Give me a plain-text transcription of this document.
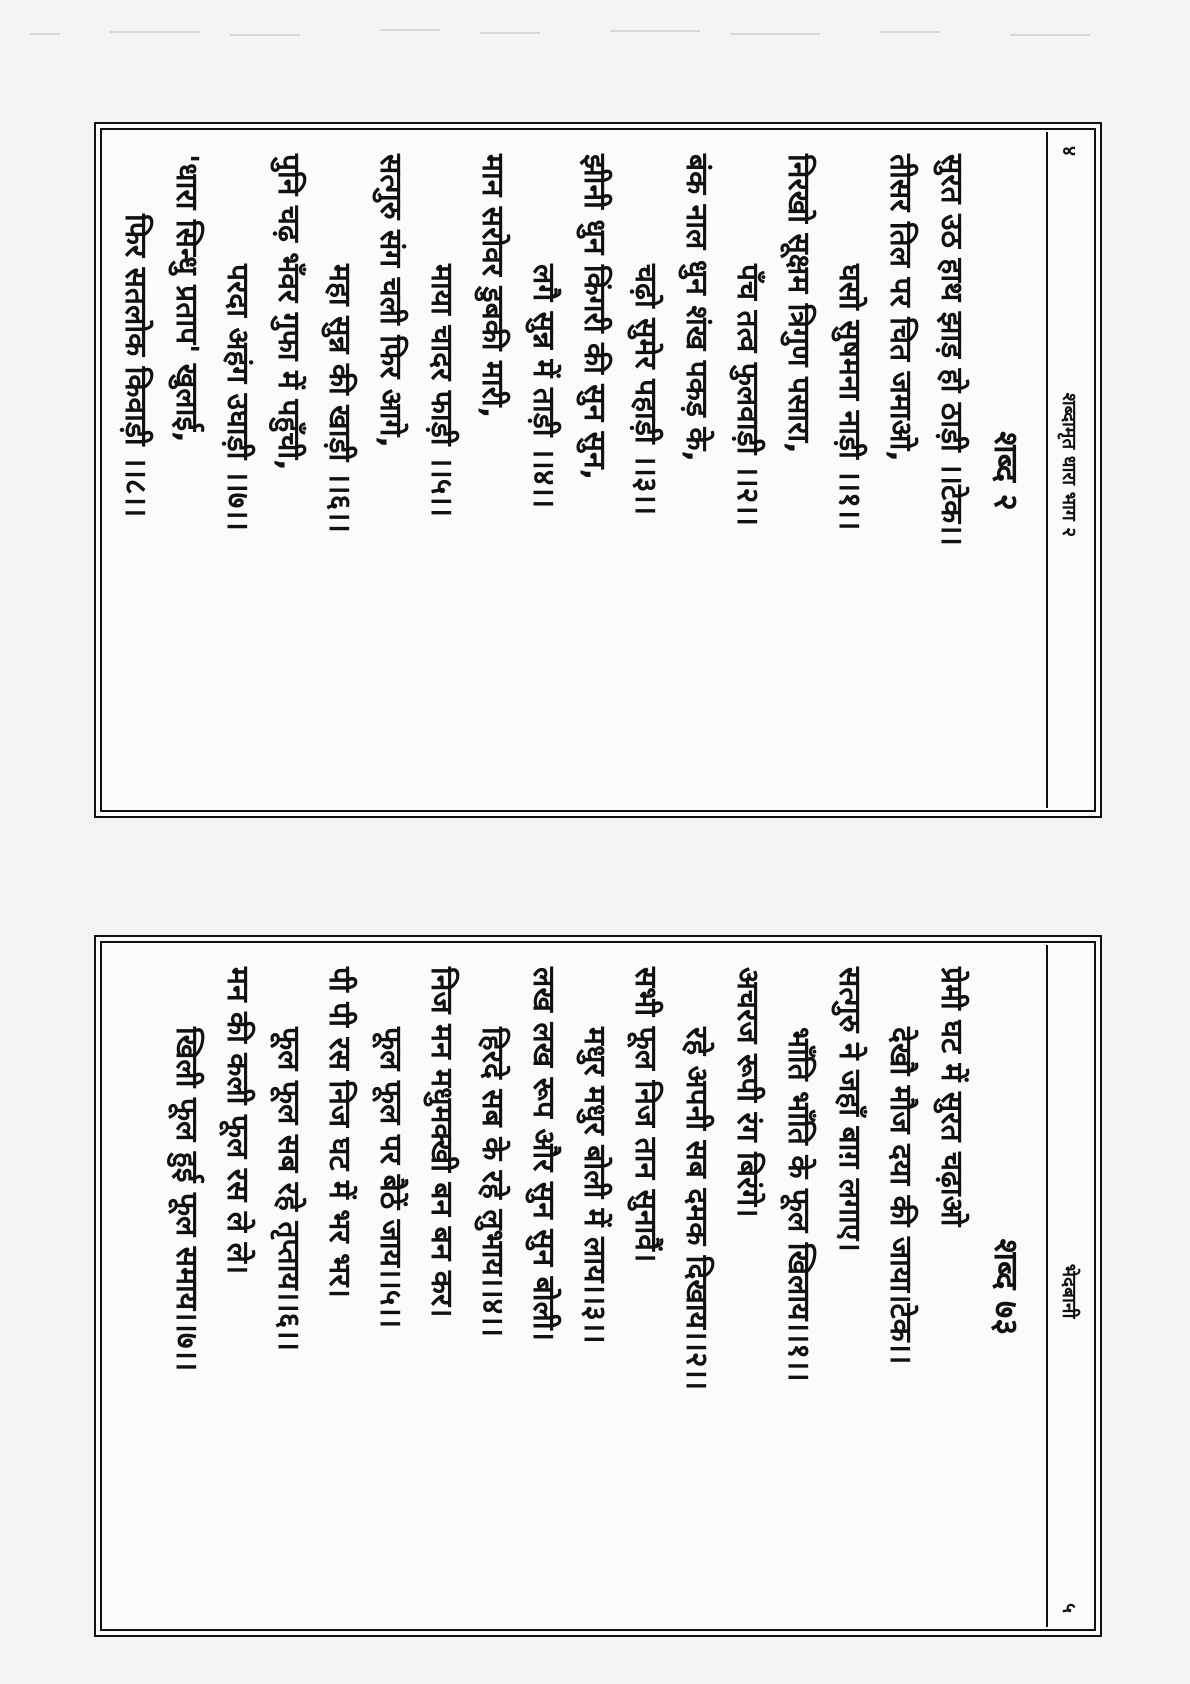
४
शब्दामृत धारा भाग २
शब्द २
सुरत उठ हाथ झाड़ हो ठाड़ी ।।टेक।।
तीसर तिल पर चित जमाओ,
घसो सुषमना नाड़ी ।।१।।
निरखो सूक्षम त्रिगुण पसारा,
पँच तत्व फुलवाड़ी ।।२।।
बंक नाल धुन शंख पकड़ के,
चढ़ो सुमेर पहाड़ी ।।३।।
झीनी धुन किंगरी की सुन सुन,
लगै सुन्न में ताड़ी ।।४।।
मान सरोवर डुबकी मारी,
माया चादर फाड़ी ।।५।।
सत्गुरु संग चली फिर आगे,
महा सुन्न की खाड़ी ।।६।।
पुनि चढ़ भँवर गुफा में पहुँची,
परदा अहंग उघाड़ी ।।७।।
'धारा सिन्धु प्रताप' खुलाई,
फिर सतलोक किवाड़ी ।।८।।
भेदबानी
५
शब्द ७३
प्रेमी घट में सुरत चढ़ाओ
देखौ मौज दया की जाया।टेक।।
सत्गुरु ने जहाँ बाग़ लगाए।
भाँति भाँति के फूल खिलाय।।१।।
अचरज रूपी रंग बिरंगे।
रहे अपनी सब दमक दिखाय।।२।।
सभी फूल निज तान सुनावैं।
मधुर मधुर बोली में लाय।।३।।
लख लख रूप और सुन सुन बोली।
हिरदे सब के रहे लुभाय।।४।।
निज मन मधुमक्खी बन बन कर।
फूल फूल पर बैठें जाय।।५।।
पी पी रस निज घट में भर भर।
फूल फूल सब रहे तृप्ताय।।६।।
मन की कली फूल रस ले ले।
खिली फूल हुई फूल समाय।।७।।
